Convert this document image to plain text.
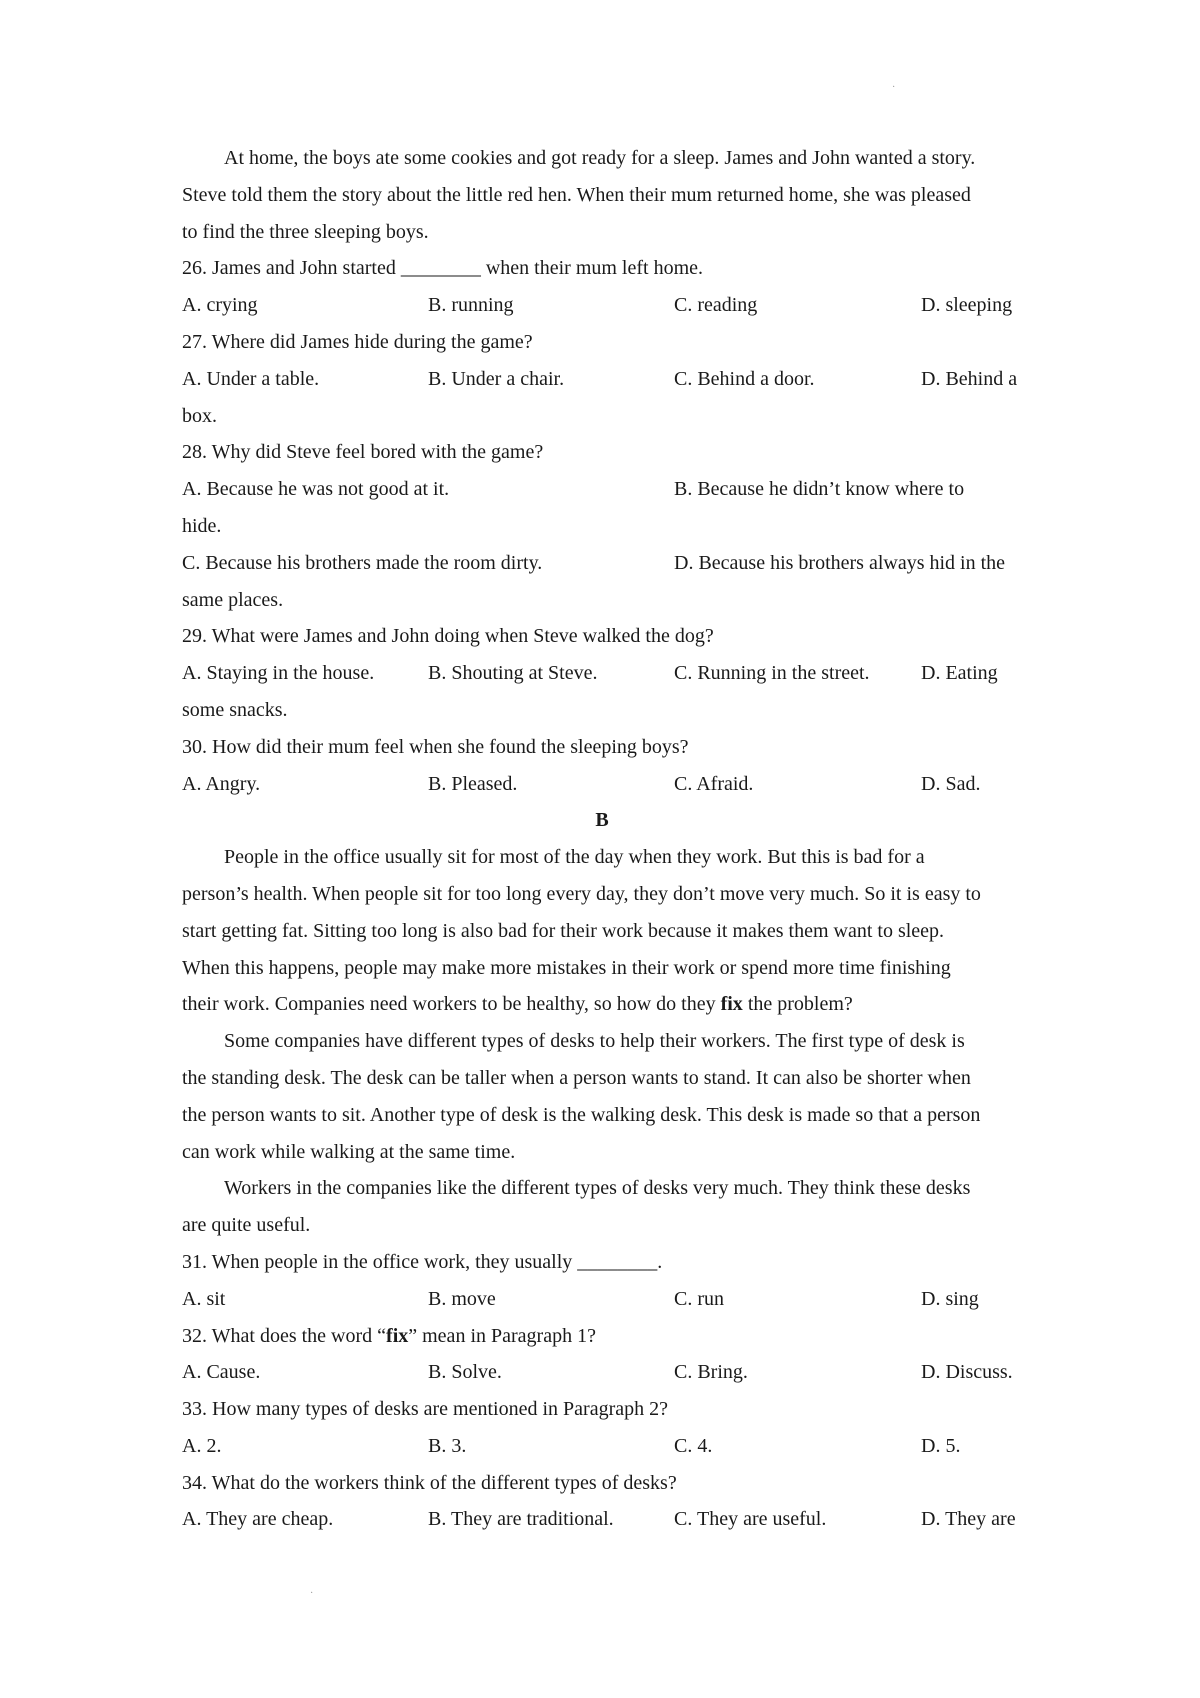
·
·
At home, the boys ate some cookies and got ready for a sleep. James and John wanted a story.
Steve told them the story about the little red hen. When their mum returned home, she was pleased
to find the three sleeping boys.
26. James and John started ________ when their mum left home.
A. crying	B. running	C. reading	D. sleeping
27. Where did James hide during the game?
A. Under a table.	B. Under a chair.	C. Behind a door.	D. Behind a
box.
28. Why did Steve feel bored with the game?
A. Because he was not good at it.	B. Because he didn’t know where to
hide.
C. Because his brothers made the room dirty.	D. Because his brothers always hid in the
same places.
29. What were James and John doing when Steve walked the dog?
A. Staying in the house.	B. Shouting at Steve.	C. Running in the street.	D. Eating
some snacks.
30. How did their mum feel when she found the sleeping boys?
A. Angry.	B. Pleased.	C. Afraid.	D. Sad.
B
People in the office usually sit for most of the day when they work. But this is bad for a
person’s health. When people sit for too long every day, they don’t move very much. So it is easy to
start getting fat. Sitting too long is also bad for their work because it makes them want to sleep.
When this happens, people may make more mistakes in their work or spend more time finishing
their work. Companies need workers to be healthy, so how do they fix the problem?
Some companies have different types of desks to help their workers. The first type of desk is
the standing desk. The desk can be taller when a person wants to stand. It can also be shorter when
the person wants to sit. Another type of desk is the walking desk. This desk is made so that a person
can work while walking at the same time.
Workers in the companies like the different types of desks very much. They think these desks
are quite useful.
31. When people in the office work, they usually ________.
A. sit	B. move	C. run	D. sing
32. What does the word “fix” mean in Paragraph 1?
A. Cause.	B. Solve.	C. Bring.	D. Discuss.
33. How many types of desks are mentioned in Paragraph 2?
A. 2.	B. 3.	C. 4.	D. 5.
34. What do the workers think of the different types of desks?
A. They are cheap.	B. They are traditional.	C. They are useful.	D. They are
